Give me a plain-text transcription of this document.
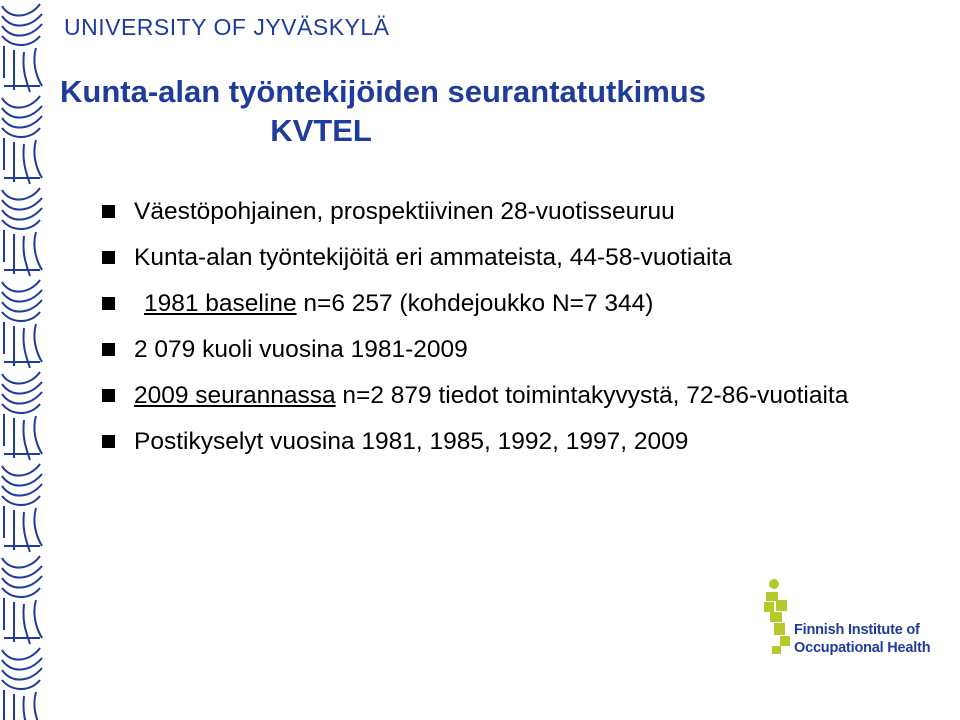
UNIVERSITY OF JYVÄSKYLÄ
Kunta-alan työntekijöiden seurantatutkimus
KVTEL
Väestöpohjainen, prospektiivinen 28-vuotisseuruu
Kunta-alan työntekijöitä eri ammateista, 44-58-vuotiaita
1981 baseline n=6 257 (kohdejoukko N=7 344)
2 079 kuoli vuosina 1981-2009
2009 seurannassa n=2 879 tiedot toimintakyvystä, 72-86-vuotiaita
Postikyselyt vuosina 1981, 1985, 1992, 1997, 2009
Finnish Institute of
Occupational Health
